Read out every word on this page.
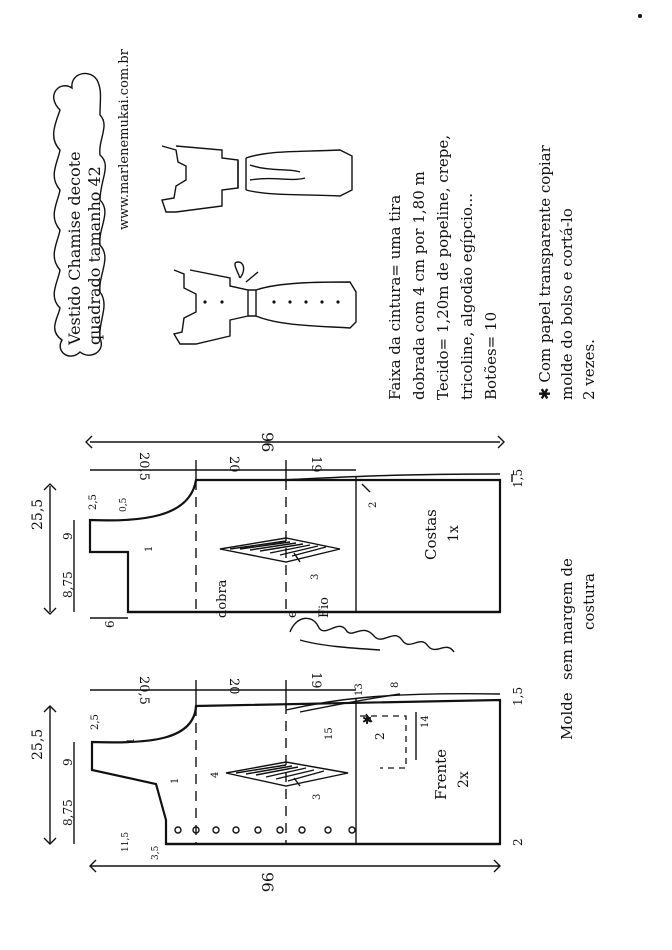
Vestido Chamise decote quadrado tamanho 42
www.marlenemukai.com.br
Faixa da cintura= uma tira dobrada com 4 cm por 1,80 m Tecido= 1,20m de popeline, crepe, tricoline, algodão egípcio... Botões= 10 ✱ Com papel transparente copiar molde do bolso e cortá-lo 2 vezes.
96
20,5	20	19
25,5
8,75
9
2,5 0,5
6
1,5
1
2
3
Costas 1x
dobra	e Fio
96
20,5	20	19
25,5
8,75
9
2,5
11,5
3,5
1,5
2
15
13	8
14
1
1
2
3
4
✱
Frente 2x
Molde
sem margem de costura
